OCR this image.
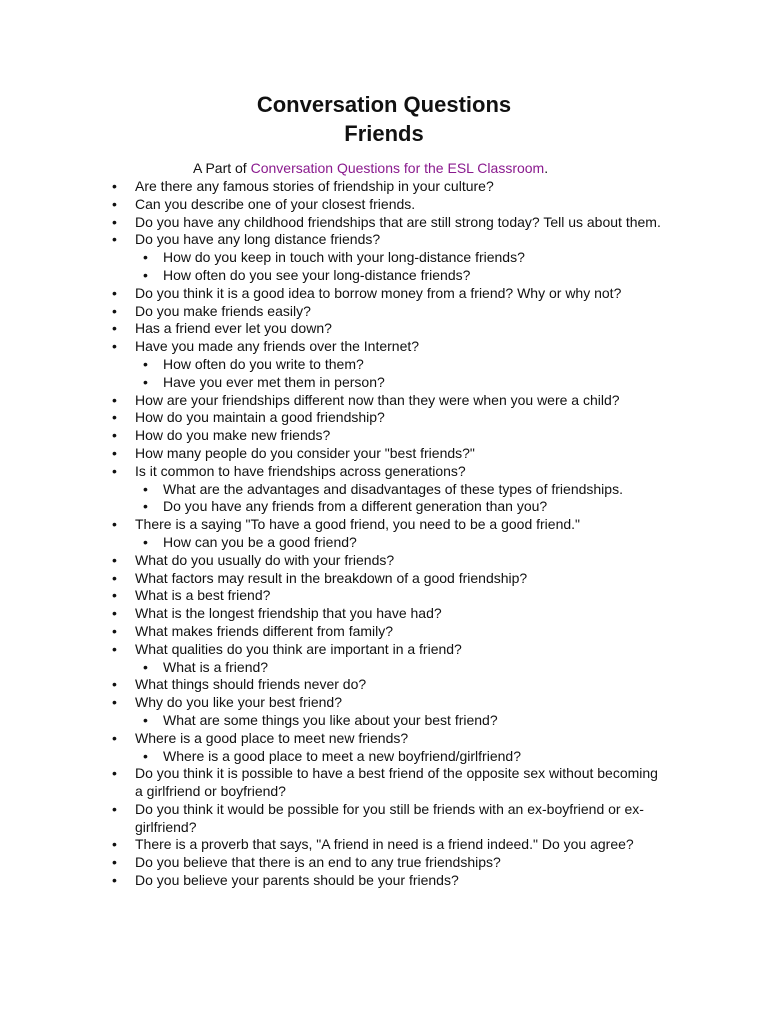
Conversation Questions
Friends
A Part of Conversation Questions for the ESL Classroom.
• Are there any famous stories of friendship in your culture?
• Can you describe one of your closest friends.
• Do you have any childhood friendships that are still strong today? Tell us about them.
• Do you have any long distance friends?
• How do you keep in touch with your long-distance friends?
• How often do you see your long-distance friends?
• Do you think it is a good idea to borrow money from a friend? Why or why not?
• Do you make friends easily?
• Has a friend ever let you down?
• Have you made any friends over the Internet?
• How often do you write to them?
• Have you ever met them in person?
• How are your friendships different now than they were when you were a child?
• How do you maintain a good friendship?
• How do you make new friends?
• How many people do you consider your "best friends?"
• Is it common to have friendships across generations?
• What are the advantages and disadvantages of these types of friendships.
• Do you have any friends from a different generation than you?
• There is a saying "To have a good friend, you need to be a good friend."
• How can you be a good friend?
• What do you usually do with your friends?
• What factors may result in the breakdown of a good friendship?
• What is a best friend?
• What is the longest friendship that you have had?
• What makes friends different from family?
• What qualities do you think are important in a friend?
• What is a friend?
• What things should friends never do?
• Why do you like your best friend?
• What are some things you like about your best friend?
• Where is a good place to meet new friends?
• Where is a good place to meet a new boyfriend/girlfriend?
• Do you think it is possible to have a best friend of the opposite sex without becoming a girlfriend or boyfriend?
• Do you think it would be possible for you still be friends with an ex-boyfriend or ex-girlfriend?
• There is a proverb that says, "A friend in need is a friend indeed." Do you agree?
• Do you believe that there is an end to any true friendships?
• Do you believe your parents should be your friends?
